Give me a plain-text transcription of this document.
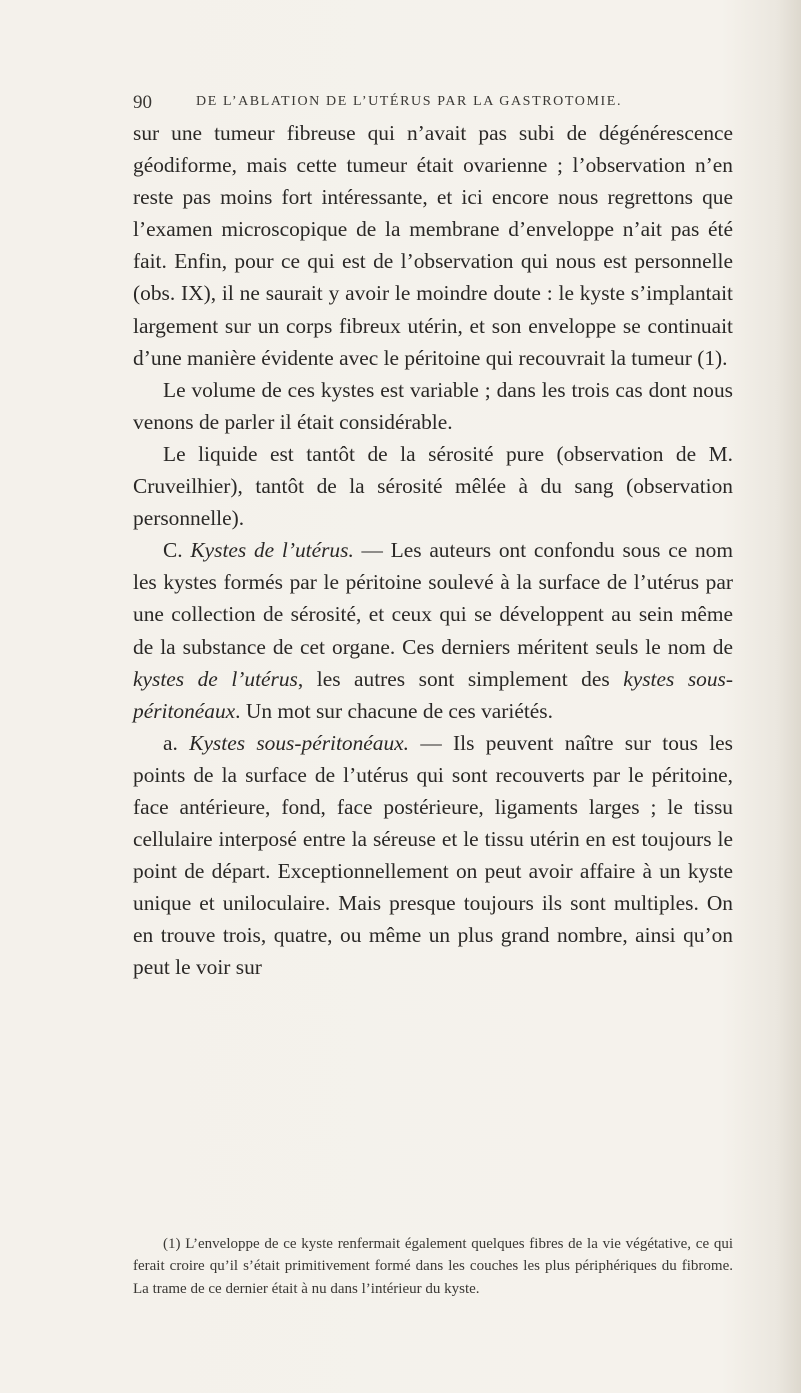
90	DE L’ABLATION DE L’UTÉRUS PAR LA GASTROTOMIE.

sur une tumeur fibreuse qui n’avait pas subi de dégénérescence géodiforme, mais cette tumeur était ovarienne ; l’observation n’en reste pas moins fort intéressante, et ici encore nous regrettons que l’examen microscopique de la membrane d’enveloppe n’ait pas été fait. Enfin, pour ce qui est de l’observation qui nous est personnelle (obs. IX), il ne saurait y avoir le moindre doute : le kyste s’implantait largement sur un corps fibreux utérin, et son enveloppe se continuait d’une manière évidente avec le péritoine qui recouvrait la tumeur (1).

Le volume de ces kystes est variable ; dans les trois cas dont nous venons de parler il était considérable.

Le liquide est tantôt de la sérosité pure (observation de M. Cruveilhier), tantôt de la sérosité mêlée à du sang (observation personnelle).

C. Kystes de l’utérus. — Les auteurs ont confondu sous ce nom les kystes formés par le péritoine soulevé à la surface de l’utérus par une collection de sérosité, et ceux qui se développent au sein même de la substance de cet organe. Ces derniers méritent seuls le nom de kystes de l’utérus, les autres sont simplement des kystes sous-péritonéaux. Un mot sur chacune de ces variétés.

a. Kystes sous-péritonéaux. — Ils peuvent naître sur tous les points de la surface de l’utérus qui sont recouverts par le péritoine, face antérieure, fond, face postérieure, ligaments larges ; le tissu cellulaire interposé entre la séreuse et le tissu utérin en est toujours le point de départ. Exceptionnellement on peut avoir affaire à un kyste unique et uniloculaire. Mais presque toujours ils sont multiples. On en trouve trois, quatre, ou même un plus grand nombre, ainsi qu’on peut le voir sur

(1) L’enveloppe de ce kyste renfermait également quelques fibres de la vie végétative, ce qui ferait croire qu’il s’était primitivement formé dans les couches les plus périphériques du fibrome. La trame de ce dernier était à nu dans l’intérieur du kyste.
